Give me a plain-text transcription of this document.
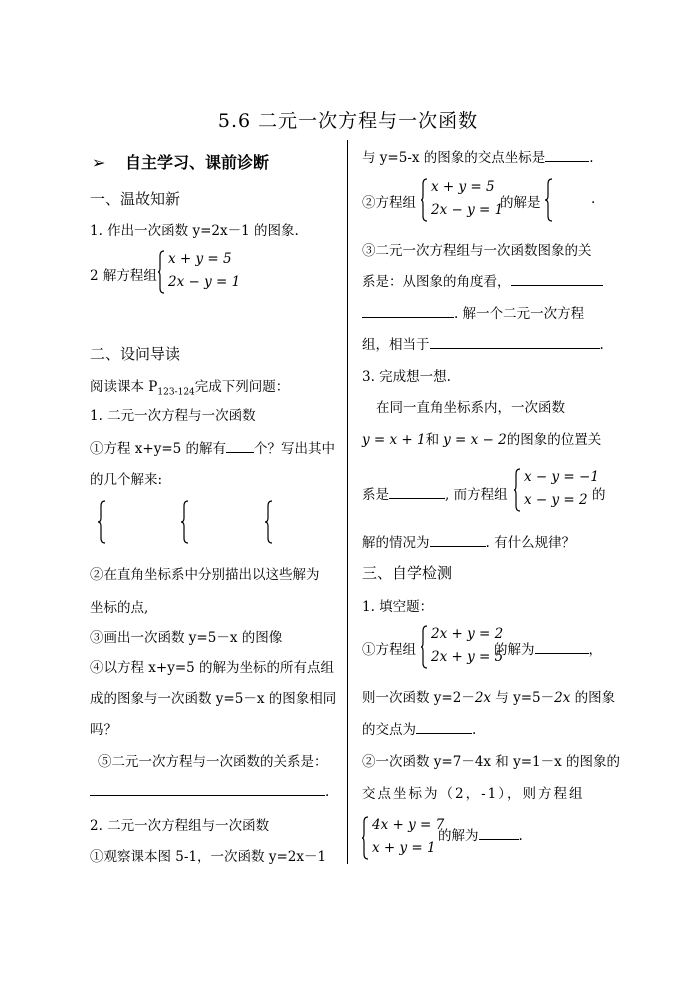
5.6 二元一次方程与一次函数
➢ 自主学习、课前诊断
一、温故知新
1. 作出一次函数 y=2x－1 的图象.
2 解方程组
x + y = 5
2x − y = 1
二、设问导读
阅读课本 $P_{123-124}$完成下列问题：
1. 二元一次方程与一次函数
①方程 x+y=5 的解有 个？写出其中
的几个解来:
②在直角坐标系中分别描出以这些解为
坐标的点,
③画出一次函数 y=5－x 的图像
④以方程 x+y=5 的解为坐标的所有点组
成的图象与一次函数 y=5－x 的图象相同
吗？
⑤二元一次方程与一次函数的关系是：
.
2. 二元一次方程组与一次函数
①观察课本图 5-1，一次函数 y=2x－1
与 y=5-x 的图象的交点坐标是	.
②方程组
x + y = 5
2x − y = 1
的解是	.
③二元一次方程组与一次函数图象的关
系是：从图象的角度看，
. 解一个二元一次方程
组，相当于	.
3. 完成想一想.
在同一直角坐标系内，一次函数
y = x + 1和 y = x − 2的图象的位置关
系是	, 而方程组
x − y = −1
x − y = 2 的
解的情况为	. 有什么规律？
三、自学检测
1. 填空题：
①方程组
2x + y = 2
2x + y = 5
的解为	，
则一次函数 y=2－2x 与 y=5－2x 的图象
的交点为	.
②一次函数 y=7－4x 和 y=1－x 的图象的
交点坐标为（2，-1），则方程组
4x + y = 7
x + y = 1
的解为	.
